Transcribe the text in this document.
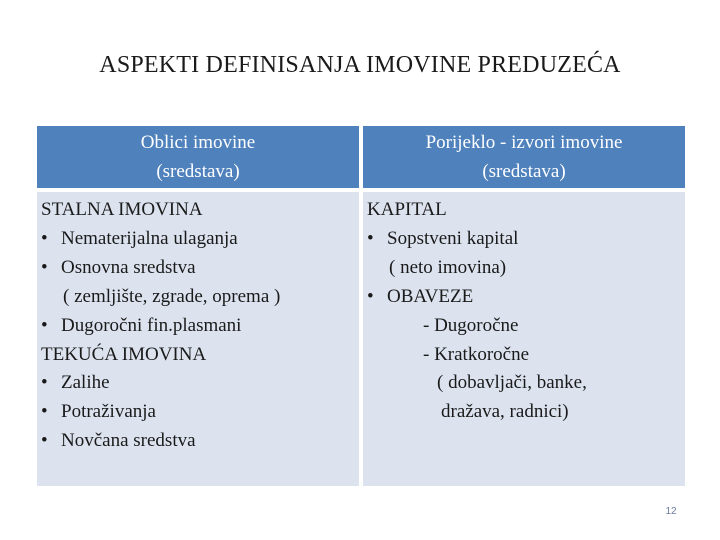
ASPEKTI DEFINISANJA IMOVINE PREDUZEĆA
Oblici imovine
(sredstava)
Porijeklo - izvori imovine
(sredstava)
STALNA IMOVINA
• Nematerijalna ulaganja
• Osnovna sredstva
( zemljište, zgrade, oprema )
• Dugoročni fin.plasmani
TEKUĆA IMOVINA
• Zalihe
• Potraživanja
• Novčana sredstva
KAPITAL
• Sopstveni kapital
( neto imovina)
• OBAVEZE
- Dugoročne
- Kratkoročne
( dobavljači, banke,
dražava, radnici)
12
